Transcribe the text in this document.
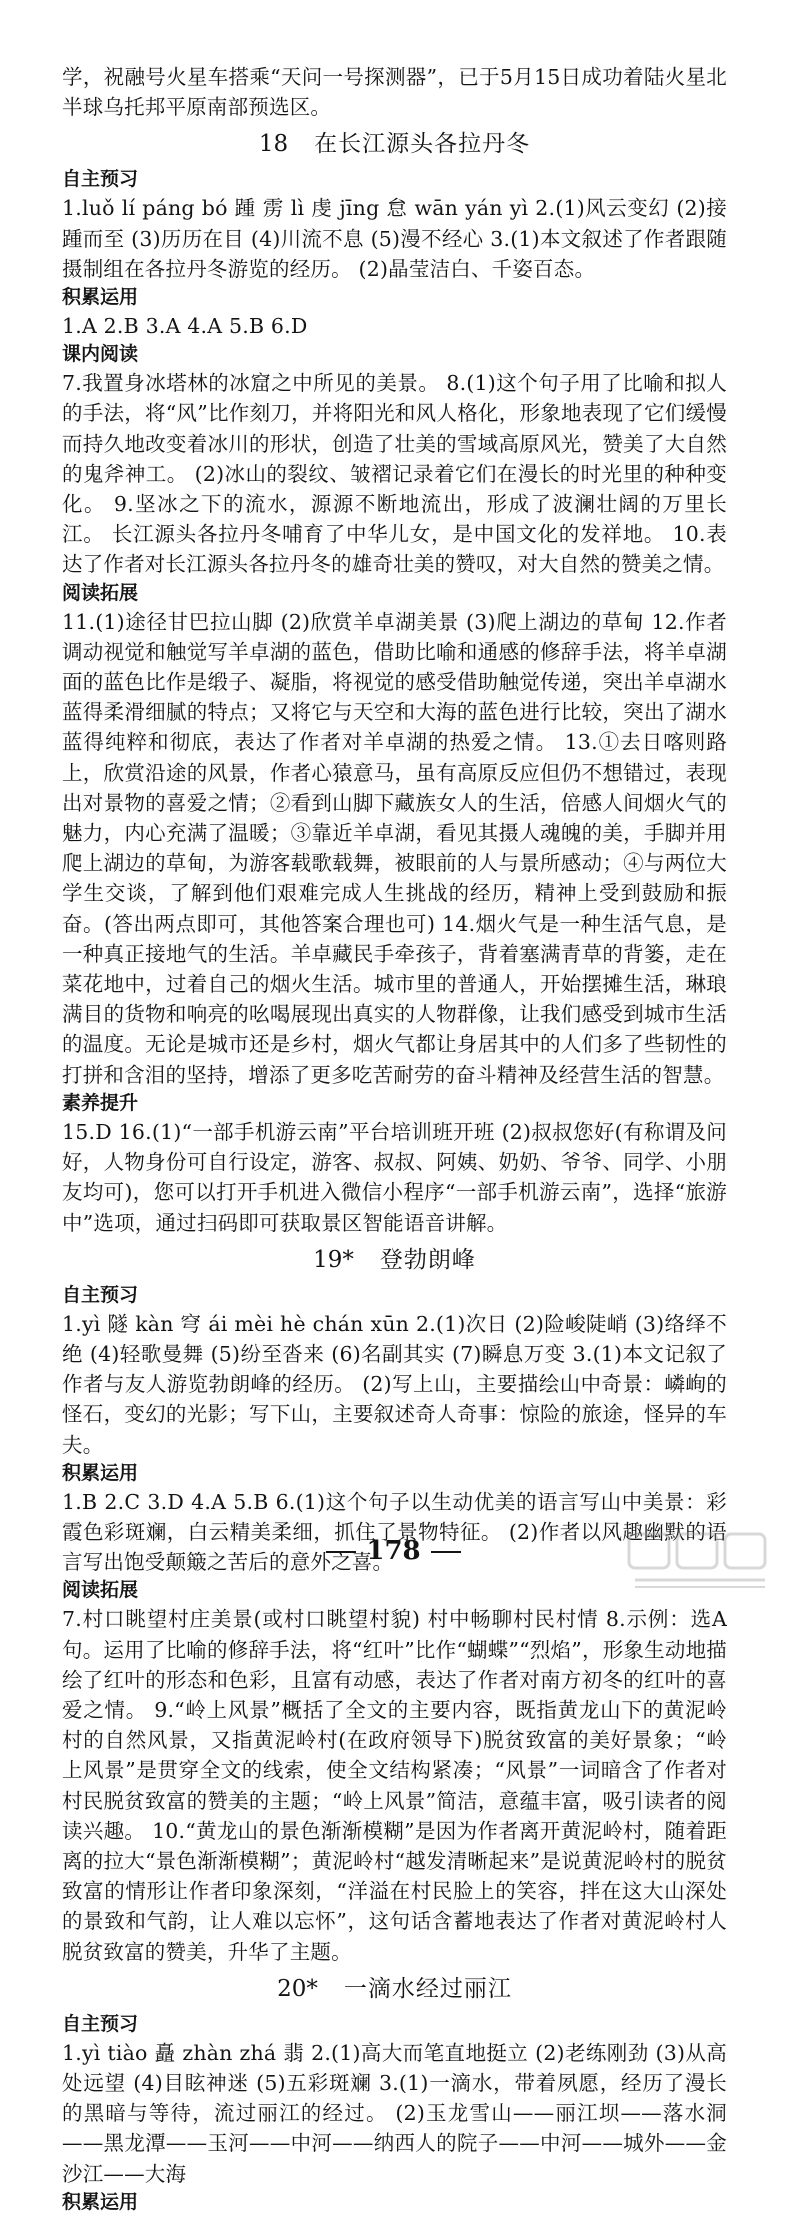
学，祝融号火星车搭乘“天问一号探测器”，已于5月15日成功着陆火星北半球乌托邦平原南部预选区。

18 在长江源头各拉丹冬
自主预习

1.luǒ lí páng bó 踵 雳 lì 虔 jīng 怠 wān yán yì 2.(1)风云变幻 (2)接踵而至 (3)历历在目 (4)川流不息 (5)漫不经心 3.(1)本文叙述了作者跟随摄制组在各拉丹冬游览的经历。 (2)晶莹洁白、千姿百态。

积累运用

1.A 2.B 3.A 4.A 5.B 6.D

课内阅读

7.我置身冰塔林的冰窟之中所见的美景。 8.(1)这个句子用了比喻和拟人的手法，将“风”比作刻刀，并将阳光和风人格化，形象地表现了它们缓慢而持久地改变着冰川的形状，创造了壮美的雪域高原风光，赞美了大自然的鬼斧神工。 (2)冰山的裂纹、皱褶记录着它们在漫长的时光里的种种变化。 9.坚冰之下的流水，源源不断地流出，形成了波澜壮阔的万里长江。 长江源头各拉丹冬哺育了中华儿女，是中国文化的发祥地。 10.表达了作者对长江源头各拉丹冬的雄奇壮美的赞叹，对大自然的赞美之情。

阅读拓展

11.(1)途径甘巴拉山脚 (2)欣赏羊卓湖美景 (3)爬上湖边的草甸 12.作者调动视觉和触觉写羊卓湖的蓝色，借助比喻和通感的修辞手法，将羊卓湖面的蓝色比作是缎子、凝脂，将视觉的感受借助触觉传递，突出羊卓湖水蓝得柔滑细腻的特点；又将它与天空和大海的蓝色进行比较，突出了湖水蓝得纯粹和彻底，表达了作者对羊卓湖的热爱之情。 13.①去日喀则路上，欣赏沿途的风景，作者心猿意马，虽有高原反应但仍不想错过，表现出对景物的喜爱之情；②看到山脚下藏族女人的生活，倍感人间烟火气的魅力，内心充满了温暖；③靠近羊卓湖，看见其摄人魂魄的美，手脚并用爬上湖边的草甸，为游客载歌载舞，被眼前的人与景所感动；④与两位大学生交谈，了解到他们艰难完成人生挑战的经历，精神上受到鼓励和振奋。(答出两点即可，其他答案合理也可) 14.烟火气是一种生活气息，是一种真正接地气的生活。羊卓藏民手牵孩子，背着塞满青草的背篓，走在菜花地中，过着自己的烟火生活。城市里的普通人，开始摆摊生活，琳琅满目的货物和响亮的吆喝展现出真实的人物群像，让我们感受到城市生活的温度。无论是城市还是乡村，烟火气都让身居其中的人们多了些韧性的打拼和含泪的坚持，增添了更多吃苦耐劳的奋斗精神及经营生活的智慧。

素养提升

15.D 16.(1)“一部手机游云南”平台培训班开班 (2)叔叔您好(有称谓及问好，人物身份可自行设定，游客、叔叔、阿姨、奶奶、爷爷、同学、小朋友均可)，您可以打开手机进入微信小程序“一部手机游云南”，选择“旅游中”选项，通过扫码即可获取景区智能语音讲解。

19* 登勃朗峰
自主预习

1.yì 隧 kàn 穹 ái mèi hè chán xūn 2.(1)次日 (2)险峻陡峭 (3)络绎不绝 (4)轻歌曼舞 (5)纷至沓来 (6)名副其实 (7)瞬息万变 3.(1)本文记叙了作者与友人游览勃朗峰的经历。 (2)写上山，主要描绘山中奇景：嶙峋的怪石，变幻的光影；写下山，主要叙述奇人奇事：惊险的旅途，怪异的车夫。

积累运用

1.B 2.C 3.D 4.A 5.B 6.(1)这个句子以生动优美的语言写山中美景：彩霞色彩斑斓，白云精美柔细，抓住了景物特征。 (2)作者以风趣幽默的语言写出饱受颠簸之苦后的意外之喜。

阅读拓展

7.村口眺望村庄美景(或村口眺望村貌) 村中畅聊村民村情 8.示例：选A句。运用了比喻的修辞手法，将“红叶”比作“蝴蝶”“烈焰”，形象生动地描绘了红叶的形态和色彩，且富有动感，表达了作者对南方初冬的红叶的喜爱之情。 9.“岭上风景”概括了全文的主要内容，既指黄龙山下的黄泥岭村的自然风景，又指黄泥岭村(在政府领导下)脱贫致富的美好景象；“岭上风景”是贯穿全文的线索，使全文结构紧凑；“风景”一词暗含了作者对村民脱贫致富的赞美的主题；“岭上风景”简洁，意蕴丰富，吸引读者的阅读兴趣。 10.“黄龙山的景色渐渐模糊”是因为作者离开黄泥岭村，随着距离的拉大“景色渐渐模糊”；黄泥岭村“越发清晰起来”是说黄泥岭村的脱贫致富的情形让作者印象深刻，“洋溢在村民脸上的笑容，拌在这大山深处的景致和气韵，让人难以忘怀”，这句话含蓄地表达了作者对黄泥岭村人脱贫致富的赞美，升华了主题。

20* 一滴水经过丽江
自主预习

1.yì tiào 矗 zhàn zhá 翡 2.(1)高大而笔直地挺立 (2)老练刚劲 (3)从高处远望 (4)目眩神迷 (5)五彩斑斓 3.(1)一滴水，带着夙愿，经历了漫长的黑暗与等待，流过丽江的经过。 (2)玉龙雪山——丽江坝——落水洞——黑龙潭——玉河——中河——纳西人的院子——中河——城外——金沙江——大海

积累运用
178
